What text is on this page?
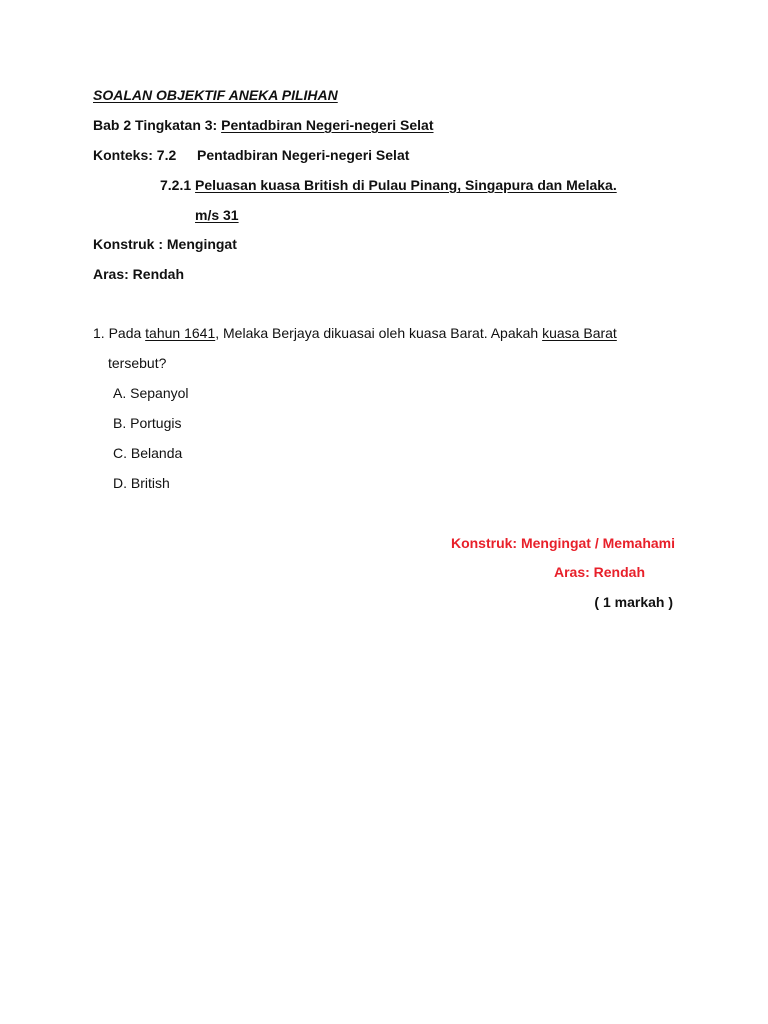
SOALAN OBJEKTIF ANEKA PILIHAN
Bab 2 Tingkatan 3: Pentadbiran Negeri-negeri Selat
Konteks: 7.2 Pentadbiran Negeri-negeri Selat
7.2.1 Peluasan kuasa British di Pulau Pinang, Singapura dan Melaka.
m/s 31
Konstruk : Mengingat
Aras: Rendah
1. Pada tahun 1641, Melaka Berjaya dikuasai oleh kuasa Barat. Apakah kuasa Barat
tersebut?
A. Sepanyol
B. Portugis
C. Belanda
D. British
Konstruk: Mengingat / Memahami
Aras: Rendah
( 1 markah )
